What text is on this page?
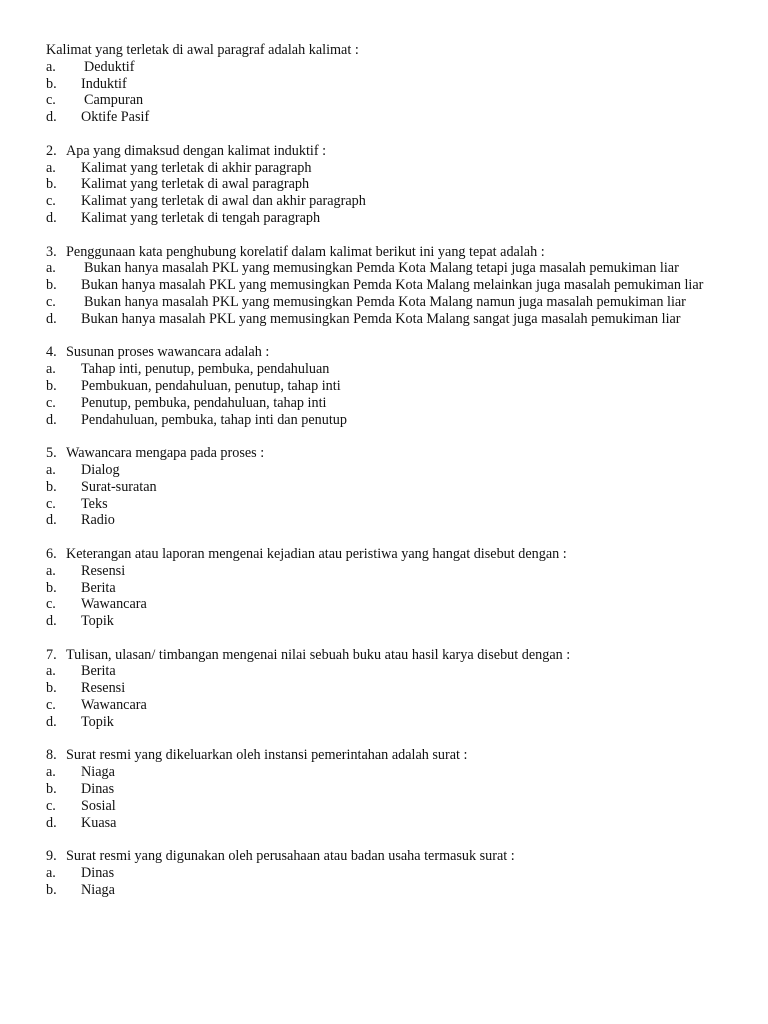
Kalimat yang terletak di awal paragraf adalah kalimat :
a. Deduktif
b. Induktif
c. Campuran
d. Oktife Pasif
2. Apa yang dimaksud dengan kalimat induktif :
a. Kalimat yang terletak di akhir paragraph
b. Kalimat yang terletak di awal paragraph
c. Kalimat yang terletak di awal dan akhir paragraph
d. Kalimat yang terletak di tengah paragraph
3. Penggunaan kata penghubung korelatif dalam kalimat berikut ini yang tepat adalah :
a. Bukan hanya masalah PKL yang memusingkan Pemda Kota Malang tetapi juga masalah pemukiman liar
b. Bukan hanya masalah PKL yang memusingkan Pemda Kota Malang melainkan juga masalah pemukiman liar
c. Bukan hanya masalah PKL yang memusingkan Pemda Kota Malang namun juga masalah pemukiman liar
d. Bukan hanya masalah PKL yang memusingkan Pemda Kota Malang sangat juga masalah pemukiman liar
4. Susunan proses wawancara adalah :
a. Tahap inti, penutup, pembuka, pendahuluan
b. Pembukuan, pendahuluan, penutup, tahap inti
c. Penutup, pembuka, pendahuluan, tahap inti
d. Pendahuluan, pembuka, tahap inti dan penutup
5. Wawancara mengapa pada proses :
a. Dialog
b. Surat-suratan
c. Teks
d. Radio
6. Keterangan atau laporan mengenai kejadian atau peristiwa yang hangat disebut dengan :
a. Resensi
b. Berita
c. Wawancara
d. Topik
7. Tulisan, ulasan/ timbangan mengenai nilai sebuah buku atau hasil karya disebut dengan :
a. Berita
b. Resensi
c. Wawancara
d. Topik
8. Surat resmi yang dikeluarkan oleh instansi pemerintahan adalah surat :
a. Niaga
b. Dinas
c. Sosial
d. Kuasa
9. Surat resmi yang digunakan oleh perusahaan atau badan usaha termasuk surat :
a. Dinas
b. Niaga
